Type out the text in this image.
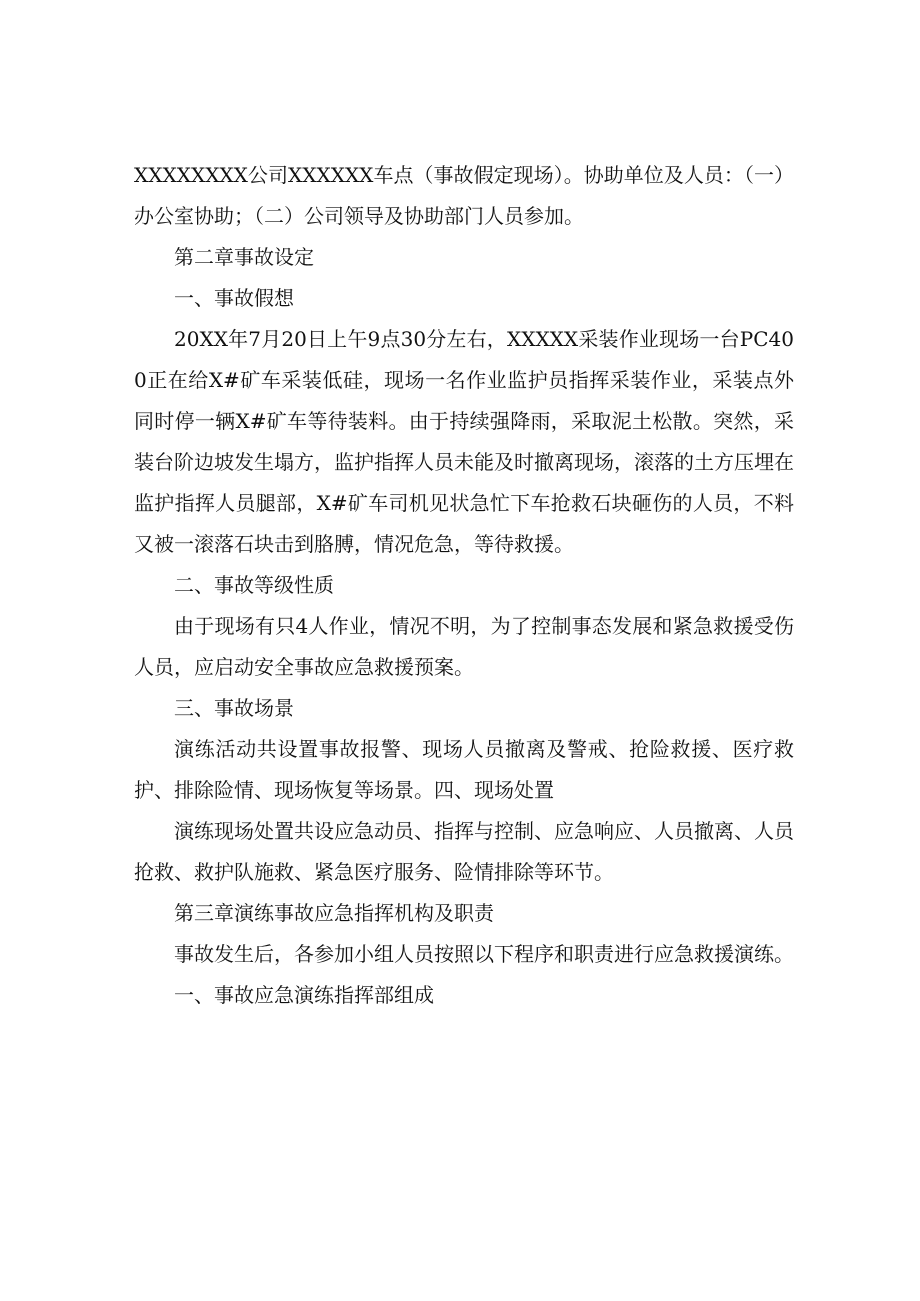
XXXXXXXX公司XXXXXX车点（事故假定现场）。协助单位及人员：（一）办公室协助；（二）公司领导及协助部门人员参加。

第二章事故设定

一、事故假想

20XX年7月20日上午9点30分左右，XXXXX采装作业现场一台PC400正在给X#矿车采装低硅，现场一名作业监护员指挥采装作业，采装点外同时停一辆X#矿车等待装料。由于持续强降雨，采取泥土松散。突然，采装台阶边坡发生塌方，监护指挥人员未能及时撤离现场，滚落的土方压埋在监护指挥人员腿部，X#矿车司机见状急忙下车抢救石块砸伤的人员，不料又被一滚落石块击到胳膊，情况危急，等待救援。

二、事故等级性质

由于现场有只4人作业，情况不明，为了控制事态发展和紧急救援受伤人员，应启动安全事故应急救援预案。

三、事故场景

演练活动共设置事故报警、现场人员撤离及警戒、抢险救援、医疗救护、排除险情、现场恢复等场景。四、现场处置

演练现场处置共设应急动员、指挥与控制、应急响应、人员撤离、人员抢救、救护队施救、紧急医疗服务、险情排除等环节。

第三章演练事故应急指挥机构及职责

事故发生后，各参加小组人员按照以下程序和职责进行应急救援演练。

一、事故应急演练指挥部组成
